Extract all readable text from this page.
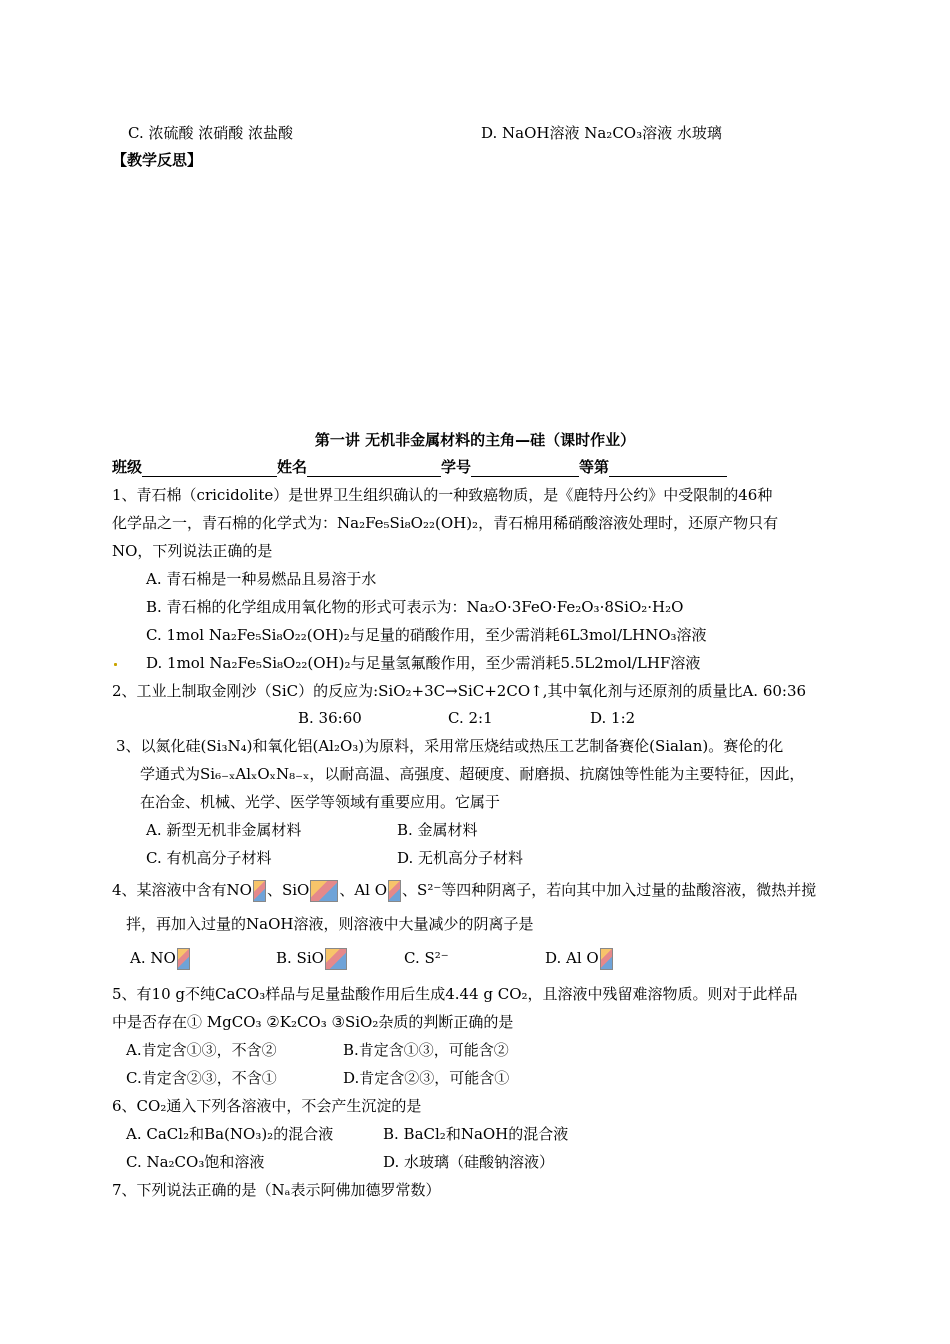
C. 浓硫酸 浓硝酸 浓盐酸	D. NaOH溶液 Na₂CO₃溶液 水玻璃
【教学反思】
第一讲 无机非金属材料的主角—硅（课时作业）
班级	姓名	学号	等第
1、青石棉（cricidolite）是世界卫生组织确认的一种致癌物质，是《鹿特丹公约》中受限制的46种
化学品之一，青石棉的化学式为：Na₂Fe₅Si₈O₂₂(OH)₂，青石棉用稀硝酸溶液处理时，还原产物只有
NO，下列说法正确的是
A. 青石棉是一种易燃品且易溶于水
B. 青石棉的化学组成用氧化物的形式可表示为：Na₂O·3FeO·Fe₂O₃·8SiO₂·H₂O
C. 1mol Na₂Fe₅Si₈O₂₂(OH)₂与足量的硝酸作用，至少需消耗6L3mol/LHNO₃溶液
D. 1mol Na₂Fe₅Si₈O₂₂(OH)₂与足量氢氟酸作用，至少需消耗5.5L2mol/LHF溶液
2、工业上制取金刚沙（SiC）的反应为:SiO₂+3C→SiC+2CO↑,其中氧化剂与还原剂的质量比A. 60:36
B. 36:60	C. 2:1	D. 1:2
3、以氮化硅(Si₃N₄)和氧化铝(Al₂O₃)为原料，采用常压烧结或热压工艺制备赛伦(Sialan)。赛伦的化
学通式为Si₆₋ₓAlₓOₓN₈₋ₓ，以耐高温、高强度、超硬度、耐磨损、抗腐蚀等性能为主要特征，因此，
在冶金、机械、光学、医学等领域有重要应用。它属于
A. 新型无机非金属材料	B. 金属材料
C. 有机高分子材料	D. 无机高分子材料
4、某溶液中含有NO 、SiO 、Al O 、S²⁻等四种阴离子，若向其中加入过量的盐酸溶液，微热并搅
拌，再加入过量的NaOH溶液，则溶液中大量减少的阴离子是
A. NO	B. SiO	C. S²⁻	D. Al O
5、有10 g不纯CaCO₃样品与足量盐酸作用后生成4.44 g CO₂，且溶液中残留难溶物质。则对于此样品
中是否存在① MgCO₃ ②K₂CO₃ ③SiO₂杂质的判断正确的是
A.肯定含①③，不含②	B.肯定含①③，可能含②
C.肯定含②③，不含①	D.肯定含②③，可能含①
6、CO₂通入下列各溶液中，不会产生沉淀的是
A. CaCl₂和Ba(NO₃)₂的混合液	B. BaCl₂和NaOH的混合液
C. Na₂CO₃饱和溶液	D. 水玻璃（硅酸钠溶液）
7、下列说法正确的是（Nₐ表示阿佛加德罗常数）
